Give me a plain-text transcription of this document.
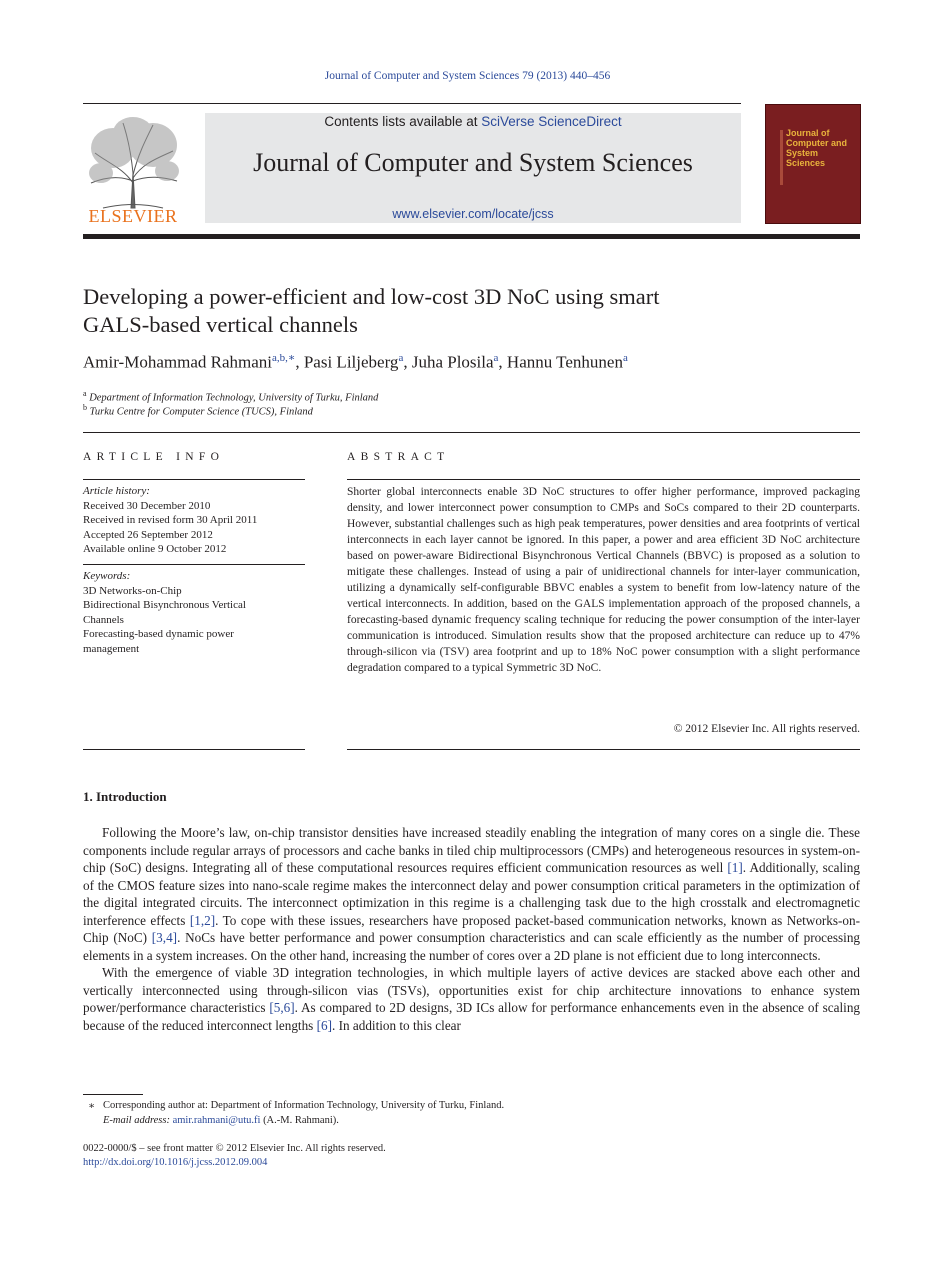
Journal of Computer and System Sciences 79 (2013) 440–456
ELSEVIER
Contents lists available at SciVerse ScienceDirect
Journal of Computer and System Sciences
www.elsevier.com/locate/jcss
Journal of Computer and System Sciences
Developing a power-efficient and low-cost 3D NoC using smart
GALS-based vertical channels
Amir-Mohammad Rahmani$^{a,b,∗}$, Pasi Liljeberg$^a$, Juha Plosila$^a$, Hannu Tenhunen$^a$
$^a$ Department of Information Technology, University of Turku, Finland
$^b$ Turku Centre for Computer Science (TUCS), Finland
ARTICLE INFO
Article history:
Received 30 December 2010
Received in revised form 30 April 2011
Accepted 26 September 2012
Available online 9 October 2012
Keywords:
3D Networks-on-Chip
Bidirectional Bisynchronous Vertical
Channels
Forecasting-based dynamic power
management
ABSTRACT
Shorter global interconnects enable 3D NoC structures to offer higher performance, improved packaging density, and lower interconnect power consumption to CMPs and SoCs compared to their 2D counterparts. However, substantial challenges such as high peak temperatures, power densities and area footprints of vertical interconnects in each layer cannot be ignored. In this paper, a power and area efficient 3D NoC architecture based on power-aware Bidirectional Bisynchronous Vertical Channels (BBVC) is proposed as a solution to mitigate these challenges. Instead of using a pair of unidirectional channels for inter-layer communication, utilizing a dynamically self-configurable BBVC enables a system to benefit from low-latency nature of the vertical interconnects. In addition, based on the GALS implementation approach of the proposed channels, a forecasting-based dynamic frequency scaling technique for reducing the power consumption of the inter-layer communication is introduced. Simulation results show that the proposed architecture can reduce up to 47% through-silicon via (TSV) area footprint and up to 18% NoC power consumption with a slight performance degradation compared to a typical Symmetric 3D NoC.
© 2012 Elsevier Inc. All rights reserved.
1. Introduction

Following the Moore’s law, on-chip transistor densities have increased steadily enabling the integration of many cores on a single die. These components include regular arrays of processors and cache banks in tiled chip multiprocessors (CMPs) and heterogeneous resources in system-on-chip (SoC) designs. Integrating all of these computational resources requires efficient communication resources as well [1]. Additionally, scaling of the CMOS feature sizes into nano-scale regime makes the interconnect delay and power consumption critical parameters in the optimization of the digital integrated circuits. The interconnect optimization in this regime is a challenging task due to the high crosstalk and electromagnetic interference effects [1,2]. To cope with these issues, researchers have proposed packet-based communication networks, known as Networks-on-Chip (NoC) [3,4]. NoCs have better performance and power consumption characteristics and can scale efficiently as the number of processing elements in a system increases. On the other hand, increasing the number of cores over a 2D plane is not efficient due to long interconnects.

With the emergence of viable 3D integration technologies, in which multiple layers of active devices are stacked above each other and vertically interconnected using through-silicon vias (TSVs), opportunities exist for chip architecture innovations to enhance system power/performance characteristics [5,6]. As compared to 2D designs, 3D ICs allow for performance enhancements even in the absence of scaling because of the reduced interconnect lengths [6]. In addition to this clear

∗ Corresponding author at: Department of Information Technology, University of Turku, Finland.
E-mail address: amir.rahmani@utu.fi (A.-M. Rahmani).
0022-0000/$ – see front matter © 2012 Elsevier Inc. All rights reserved.
http://dx.doi.org/10.1016/j.jcss.2012.09.004
